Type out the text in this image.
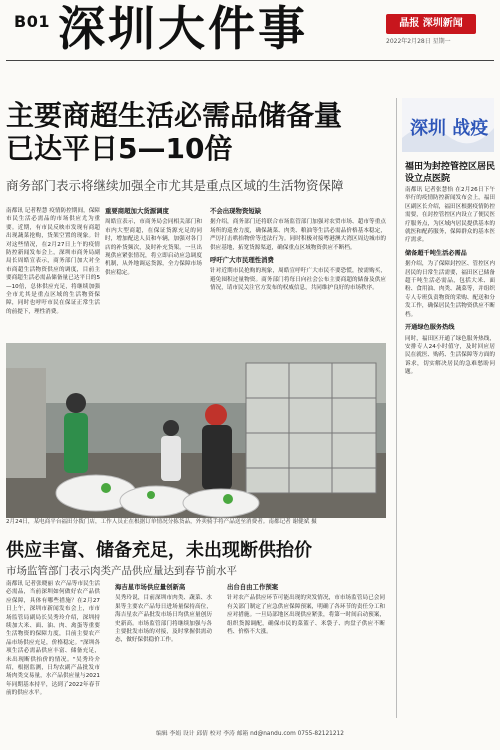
B01 深圳大件事	晶报 深圳新闻
2022年2月28日 星期一
主要商超生活必需品储备量
已达平日5—10倍
商务部门表示将继续加强全市尤其是重点区域的生活物资保障
南都讯 记者程慧 疫情防控期间，保障市民生活必需品的市场供应尤为重要。近期，有市民反映市发现有商超出现蔬菜抢购，货架空置的现象。针对这些情况，在2月27日上午的疫情防控新闻发布会上，深圳市商务局副局长周皓宣表示，商务部门加大对全市商超生活物资供应的调度，目前主要商超生活必需品储备量已达平日的5—10倍，总体供应充足，将继续加强全市尤其是重点区域的生活物资保障，同时也呼吁市民在保证正常生活的前提下，理性消费。
重要商超加大货源调度
周皓宣表示，市商务局会同相关部门和市内大型商超，在保证货源充足的同时，增加配送人员和车辆，加强对各门店的补货频次，及时补充货架。一旦出现供应紧张情况，将立即启动应急调度机制，从外地调运货源，全力保障市场供应稳定。
不会出现物资短缺
据介绍，商务部门还将联合市场监管部门加强对农贸市场、超市等重点场所的巡查力度，确保蔬菜、肉类、粮油等生活必需品价格基本稳定，严厉打击哄抬物价等违法行为。同时积极对接粤港澳大湾区周边城市的供应基地，拓宽货源渠道，确保重点区域物资供应不断档。
呼吁广大市民理性消费
针对近期市民抢购的现象，周皓宣呼吁广大市民不要恐慌，按需购买，避免囤积过量物资。商务部门将每日向社会公布主要商超的储备及供应情况，请市民关注官方发布的权威信息，共同维护良好的市场秩序。
2月24日，某电商平台福田分拨门店，工作人员正在根据订单情况分拣货品，外卖骑手将产品送至消费者。南都记者 谢健斌 摄
供应丰富、储备充足，未出现断供抬价
市场监管部门表示肉类产品供应量达到春节前水平
南都讯 记者张晓丽 农产品等市民生活必需品，当前深圳如何做好农产品供应保障，具体有哪些措施？在2月27日上午，深圳市新闻发布会上，市市场监管局副局长吴秀玲介绍，深圳持续加大米、面、油、肉、禽蛋等重要生活物资的保障力度，目前主要农产品市场供应充足，价格稳定。"深圳各项生活必需品供应丰富、储备充足，未出现断供抬价的情况。"吴秀玲介绍，根据监测，日均农副产品批发市场肉类交易量，水产品供应量与2021年同期基本持平，达到了2022年春节前的供应水平。
海吉星市场供应量创新高
吴秀玲说，目前深圳市肉类、蔬菜、水果等主要农产品每日进场量保持高位，海吉星农产品批发市场日均供应量创历史新高。市场监管部门将继续加强与各主要批发市场的对接，及时掌握供需动态，做好保供稳价工作。
出台自由工作预案
针对农产品供应环节可能出现的突发情况，市市场监管局已会同有关部门制定了应急供应保障预案，明确了各环节的责任分工和应对措施。一旦局部地区出现供应紧张，将第一时间启动预案，组织货源调配，确保市民的菜篮子、米袋子、肉盘子供应不断档、价格不大涨。
深圳 战疫
福田为封控管控区居民设立点医院
南都讯 记者张慧怡 在2月26日下午举行的疫情防控新闻发布会上，福田区副区长介绍，福田区根据疫情防控需要，在封控管控区内设立了便民医疗服务点，为区域内居民提供基本的就医和配药服务，保障群众的基本医疗需求。
储备超千吨生活必需品
据介绍，为了保障封控区、管控区内居民的日常生活需要，福田区已储备超千吨生活必需品，包括大米、面粉、食用油、肉类、蔬菜等，并组织专人专班负责物资的采购、配送和分发工作，确保居民生活物资供应不断档。
开通绿色服务热线
同时，福田区开通了绿色服务热线，安排专人24小时值守，及时回应居民在就医、购药、生活保障等方面的诉求，切实解决居民的急难愁盼问题。
编辑 李娟 设计 邱倩 校对 李涛 邮箱 nd@nandu.com 0755-82121212
